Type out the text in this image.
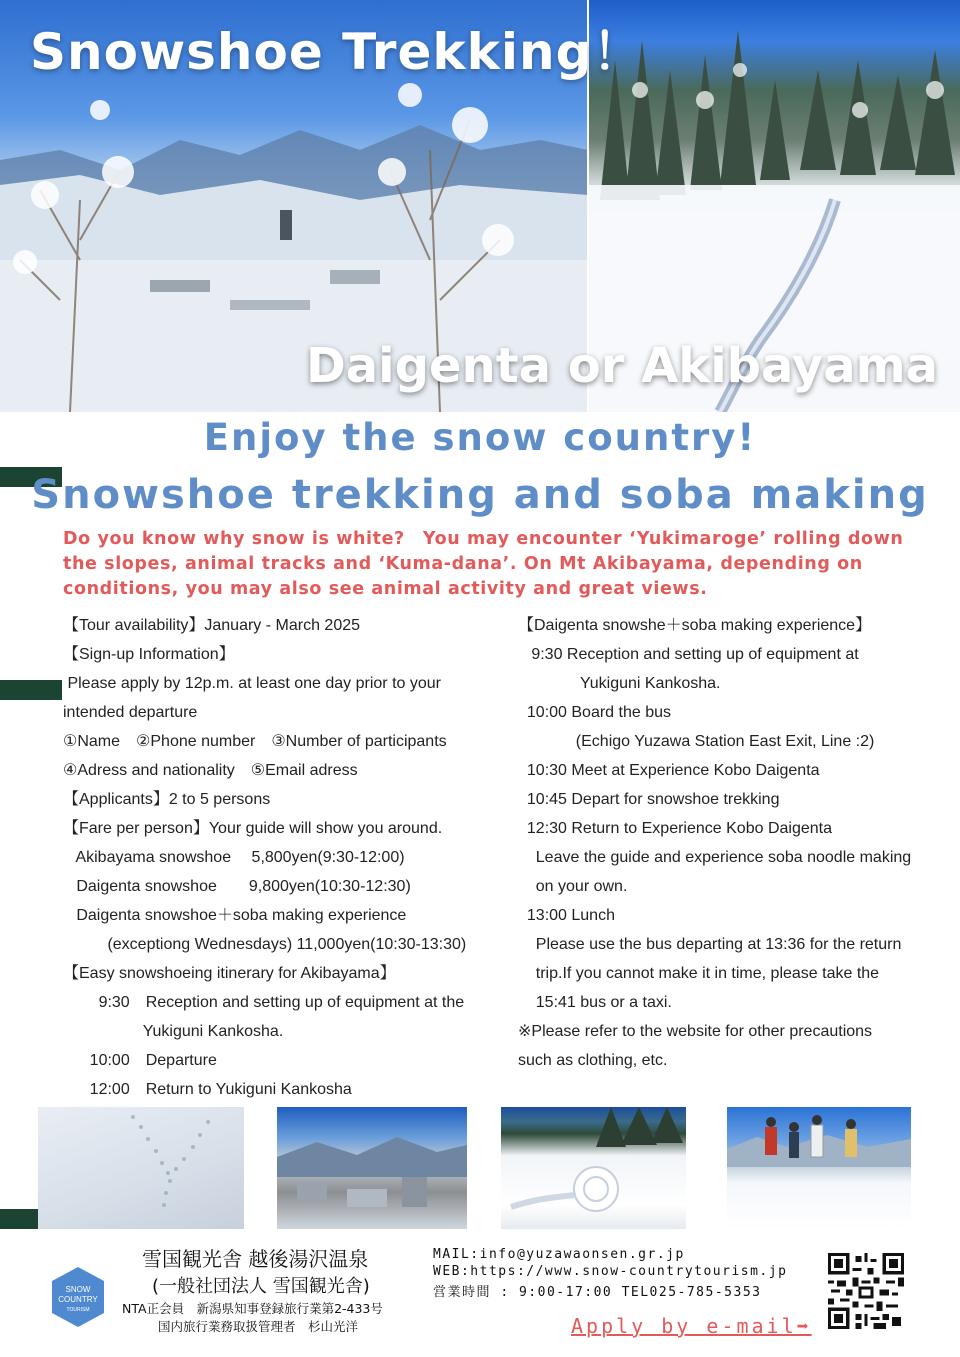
Snowshoe Trekking！
Daigenta or Akibayama
Enjoy the snow country!
Snowshoe trekking and soba making
Do you know why snow is white?　You may encounter ‘Yukimaroge’ rolling down the slopes, animal tracks and ‘Kuma-dana’. On Mt Akibayama, depending on conditions, you may also see animal activity and great views.
【Tour availability】January - March 2025
【Sign-up Information】
Please apply by 12p.m. at least one day prior to your
intended departure
①Name　②Phone number　③Number of participants
④Adress and nationality　⑤Email adress
【Applicants】2 to 5 persons
【Fare per person】Your guide will show you around.
Akibayama snowshoe　 5,800yen(9:30-12:00)
Daigenta snowshoe　　9,800yen(10:30-12:30)
Daigenta snowshoe＋soba making experience
(exceptiong Wednesdays) 11,000yen(10:30-13:30)
【Easy snowshoeing itinerary for Akibayama】
9:30　Reception and setting up of equipment at the
Yukiguni Kankosha.
10:00　Departure
12:00　Return to Yukiguni Kankosha
【Daigenta snowshe＋soba making experience】
9:30 Reception and setting up of equipment at
Yukiguni Kankosha.
10:00 Board the bus
(Echigo Yuzawa Station East Exit, Line :2)
10:30 Meet at Experience Kobo Daigenta
10:45 Depart for snowshoe trekking
12:30 Return to Experience Kobo Daigenta
Leave the guide and experience soba noodle making
on your own.
13:00 Lunch
Please use the bus departing at 13:36 for the return
trip.If you cannot make it in time, please take the
15:41 bus or a taxi.
※Please refer to the website for other precautions
such as clothing, etc.
SNOW
COUNTRY
TOURISM
雪国観光舎 越後湯沢温泉
(一般社団法人 雪国観光舎)
NTA正会員　新潟県知事登録旅行業第2-433号
国内旅行業務取扱管理者　杉山光洋
MAIL:info@yuzawaonsen.gr.jp
WEB:https://www.snow-countrytourism.jp
営業時間 : 9:00-17:00 TEL025-785-5353
Apply by e-mail➡
